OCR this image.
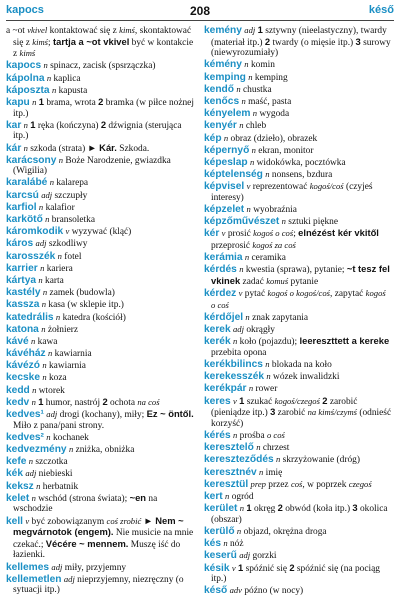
kapocs	208	késő
a ~ot vkivel kontaktować się z kimś, skontaktować się z kimś; tartja a ~ot vkivel być w kontakcie z kimś
kapocs n spinacz, zacisk (spsrzączka)
kápolna n kaplica
káposzta n kapusta
kapu n 1 brama, wrota 2 bramka (w piłce nożnej itp.)
kar n 1 ręka (kończyna) 2 dźwignia (sterująca itp.)
kár n szkoda (strata) ► Kár. Szkoda.
karácsony n Boże Narodzenie, gwiazdka (Wigilia)
karalábé n kalarepa
karcsú adj szczupły
karfiol n kalafior
karkötő n bransoletka
káromkodik v wyzywać (kląć)
káros adj szkodliwy
karosszék n fotel
karrier n kariera
kártya n karta
kastély n zamek (budowla)
kassza n kasa (w sklepie itp.)
katedrális n katedra (kościół)
katona n żołnierz
kávé n kawa
kávéház n kawiarnia
kávézó n kawiarnia
kecske n koza
kedd n wtorek
kedv n 1 humor, nastrój 2 ochota na coś
kedves¹ adj drogi (kochany), miły; Ez ~ öntől. Miło z pana/pani strony.
kedves² n kochanek
kedvezmény n zniżka, obniżka
kefe n szczotka
kék adj niebieski
keksz n herbatnik
kelet n wschód (strona świata); ~en na wschodzie
kell v być zobowiązanym coś zrobić ► Nem ~ megvárnotok (engem). Nie musicie na mnie czekać.; Vécére ~ mennem. Muszę iść do łazienki.
kellemes adj miły, przyjemny
kellemetlen adj nieprzyjemny, niezręczny (o sytuacji itp.)
kemény adj 1 sztywny (nieelastyczny), twardy (materiał itp.) 2 twardy (o mięsie itp.) 3 surowy (niewyrozumiały)
kémény n komin
kemping n kemping
kendő n chustka
kenőcs n maść, pasta
kényelem n wygoda
kenyér n chleb
kép n obraz (dzieło), obrazek
képernyő n ekran, monitor
képeslap n widokówka, pocztówka
képtelenség n nonsens, bzdura
képvisel v reprezentować kogoś/coś (czyjeś interesy)
képzelet n wyobraźnia
képzőművészet n sztuki piękne
kér v prosić kogoś o coś; elnézést kér vkitől przeprosić kogoś za coś
kerámia n ceramika
kérdés n kwestia (sprawa), pytanie; ~t tesz fel vkinek zadać komuś pytanie
kérdez v pytać kogoś o kogoś/coś, zapytać kogoś o coś
kérdőjel n znak zapytania
kerek adj okrągły
kerék n koło (pojazdu); leereszttett a kereke przebita opona
kerékbilincs n blokada na koło
kerekesszék n wózek inwalidzki
kerékpár n rower
keres v 1 szukać kogoś/czegoś 2 zarobić (pieniądze itp.) 3 zarobić na kimś/czymś (odnieść korzyść)
kérés n prośba o coś
keresztelő n chrzest
kereszteződés n skrzyżowanie (dróg)
keresztnév n imię
keresztül prep przez coś, w poprzek czegoś
kert n ogród
kerület n 1 okręg 2 obwód (koła itp.) 3 okolica (obszar)
kerülő n objazd, okrężna droga
kés n nóż
keserű adj gorzki
késik v 1 spóźnić się 2 spóźnić się (na pociąg itp.)
késő adv późno (w nocy)
